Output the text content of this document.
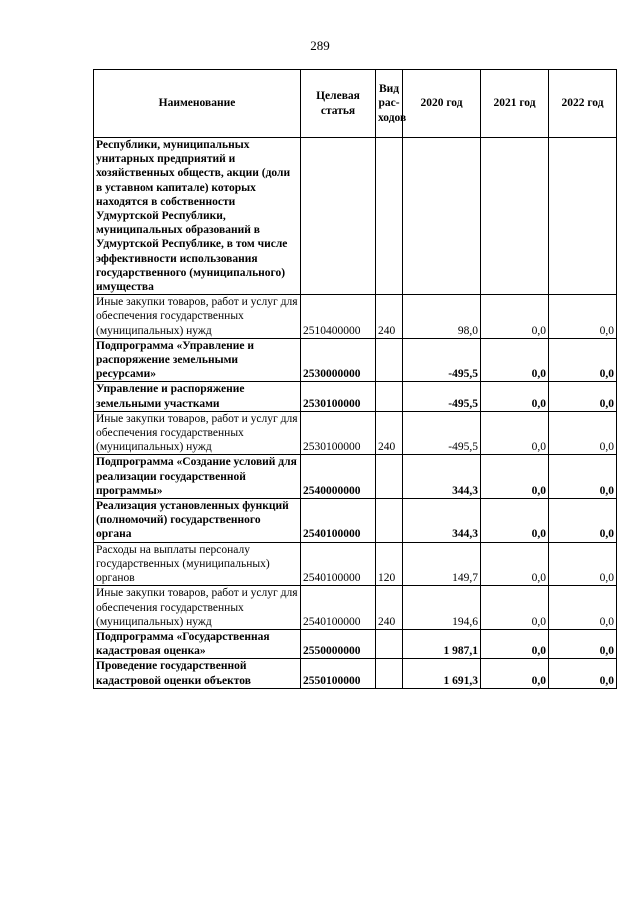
289
Наименование	Целевая статья	Вид рас-ходов	2020 год	2021 год	2022 год
Республики, муниципальных унитарных предприятий и хозяйственных обществ, акции (доли в уставном капитале) которых находятся в собственности Удмуртской Республики, муниципальных образований в Удмуртской Республике, в том числе эффективности использования государственного (муниципального) имущества					
Иные закупки товаров, работ и услуг для обеспечения государственных (муниципальных) нужд	2510400000	240	98,0	0,0	0,0
Подпрограмма «Управление и распоряжение земельными ресурсами»	2530000000		-495,5	0,0	0,0
Управление и распоряжение земельными участками	2530100000		-495,5	0,0	0,0
Иные закупки товаров, работ и услуг для обеспечения государственных (муниципальных) нужд	2530100000	240	-495,5	0,0	0,0
Подпрограмма «Создание условий для реализации государственной программы»	2540000000		344,3	0,0	0,0
Реализация установленных функций (полномочий) государственного органа	2540100000		344,3	0,0	0,0
Расходы на выплаты персоналу государственных (муниципальных) органов	2540100000	120	149,7	0,0	0,0
Иные закупки товаров, работ и услуг для обеспечения государственных (муниципальных) нужд	2540100000	240	194,6	0,0	0,0
Подпрограмма «Государственная кадастровая оценка»	2550000000		1 987,1	0,0	0,0
Проведение государственной кадастровой оценки объектов	2550100000		1 691,3	0,0	0,0
